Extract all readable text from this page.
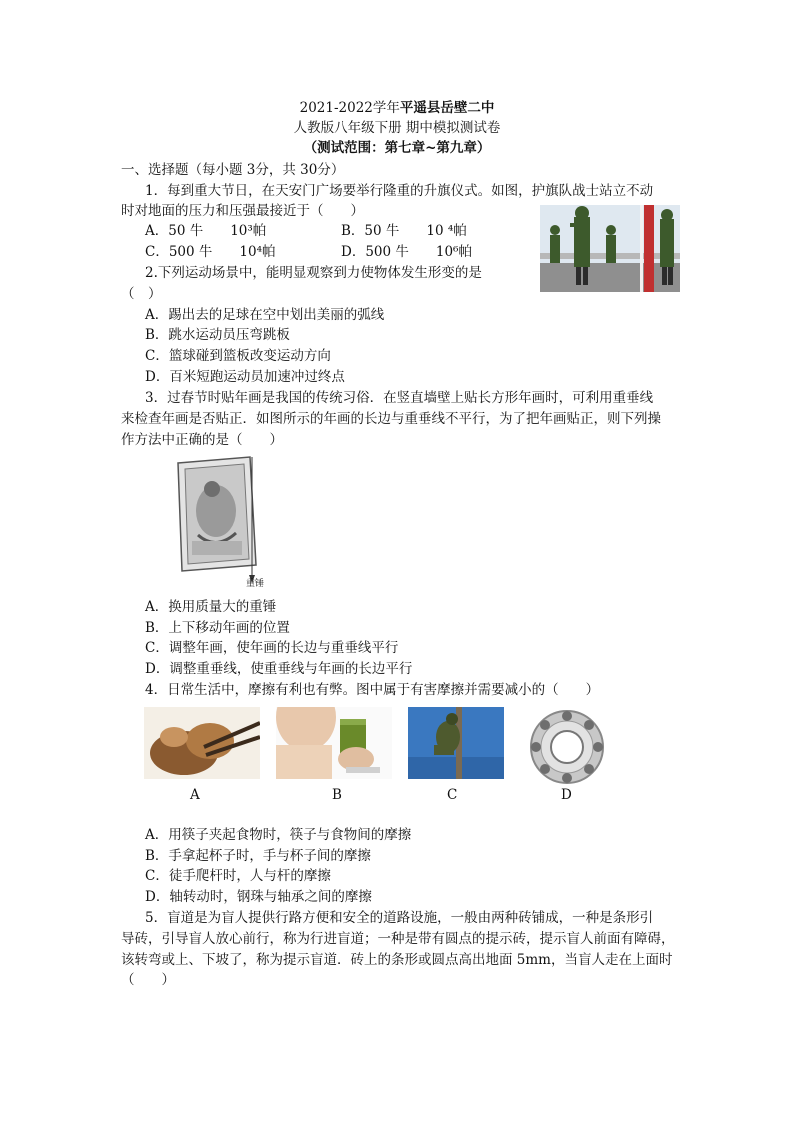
2021-2022学年平遥县岳壁二中
人教版八年级下册 期中模拟测试卷
（测试范围：第七章~第九章）
一、选择题（每小题 3分，共 30分）
1．每到重大节日，在天安门广场要举行隆重的升旗仪式。如图，护旗队战士站立不动
时对地面的压力和压强最接近于（　　）
A．50 牛　　10³帕	B．50 牛　　10 ⁴帕
C．500 牛　　10⁴帕	D．500 牛　　10⁶帕
2.下列运动场景中，能明显观察到力使物体发生形变的是
（　）
A．踢出去的足球在空中划出美丽的弧线
B．跳水运动员压弯跳板
C．篮球碰到篮板改变运动方向
D．百米短跑运动员加速冲过终点
3．过春节时贴年画是我国的传统习俗．在竖直墙壁上贴长方形年画时，可利用重垂线
来检查年画是否贴正．如图所示的年画的长边与重垂线不平行，为了把年画贴正，则下列操
作方法中正确的是（　　）
重锤
A．换用质量大的重锤
B．上下移动年画的位置
C．调整年画，使年画的长边与重垂线平行
D．调整重垂线，使重垂线与年画的长边平行
4．日常生活中，摩擦有利也有弊。图中属于有害摩擦并需要减小的（　　）
A	B	C	D
A．用筷子夹起食物时，筷子与食物间的摩擦
B．手拿起杯子时，手与杯子间的摩擦
C．徒手爬杆时，人与杆的摩擦
D．轴转动时，钢珠与轴承之间的摩擦
5．盲道是为盲人提供行路方便和安全的道路设施，一般由两种砖铺成，一种是条形引
导砖，引导盲人放心前行，称为行进盲道；一种是带有圆点的提示砖，提示盲人前面有障碍，
该转弯或上、下坡了，称为提示盲道．砖上的条形或圆点高出地面 5mm，当盲人走在上面时
（　　）
